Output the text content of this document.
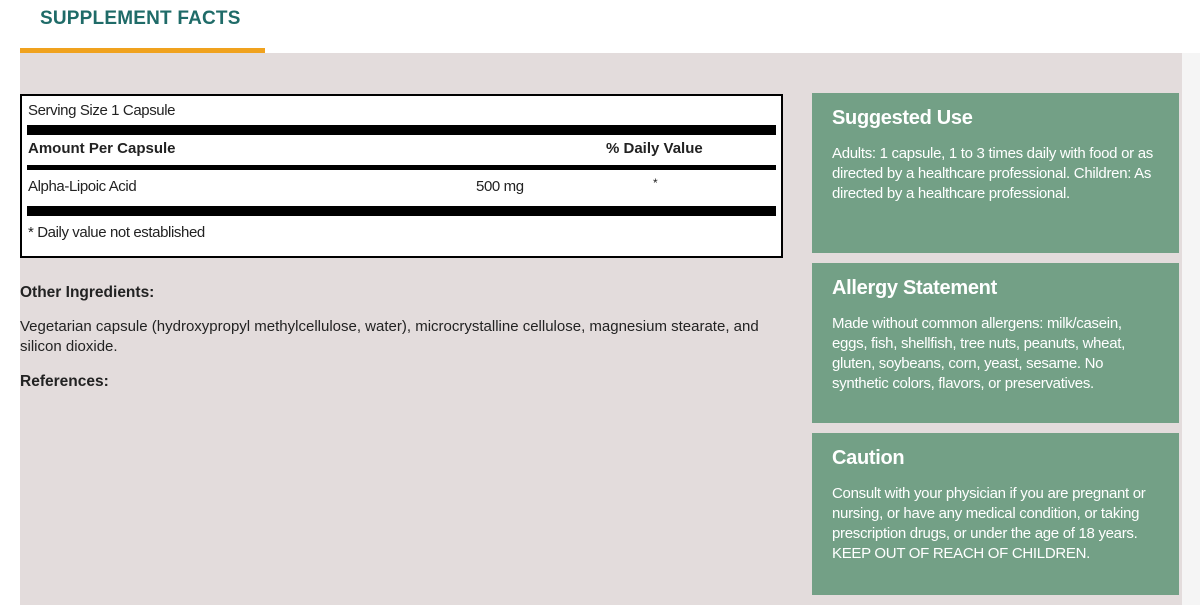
SUPPLEMENT FACTS
Serving Size 1 Capsule
Amount Per Capsule	% Daily Value
Alpha-Lipoic Acid	500 mg	*
* Daily value not established
Other Ingredients:
Vegetarian capsule (hydroxypropyl methylcellulose, water), microcrystalline cellulose, magnesium stearate, and silicon dioxide.
References:
Suggested Use

Adults: 1 capsule, 1 to 3 times daily with food or as directed by a healthcare professional. Children: As directed by a healthcare professional.

Allergy Statement

Made without common allergens: milk/casein, eggs, fish, shellfish, tree nuts, peanuts, wheat, gluten, soybeans, corn, yeast, sesame. No synthetic colors, flavors, or preservatives.

Caution

Consult with your physician if you are pregnant or nursing, or have any medical condition, or taking prescription drugs, or under the age of 18 years. KEEP OUT OF REACH OF CHILDREN.
